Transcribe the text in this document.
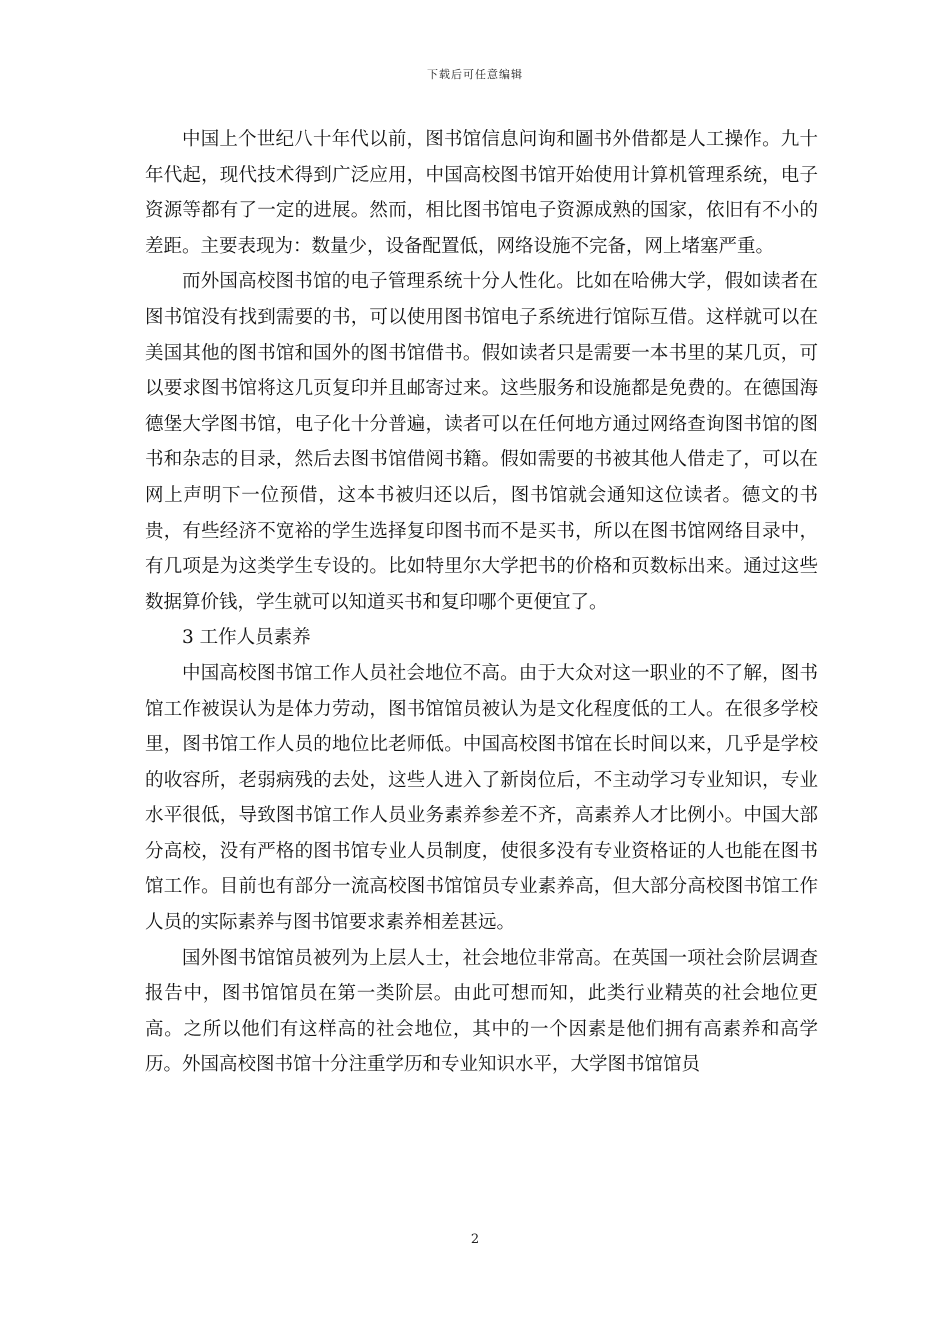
下载后可任意编辑

中国上个世纪八十年代以前，图书馆信息问询和圖书外借都是人工操作。九十年代起，现代技术得到广泛应用，中国高校图书馆开始使用计算机管理系统，电子资源等都有了一定的进展。然而，相比图书馆电子资源成熟的国家，依旧有不小的差距。主要表现为：数量少，设备配置低，网络设施不完备，网上堵塞严重。

而外国高校图书馆的电子管理系统十分人性化。比如在哈佛大学，假如读者在图书馆没有找到需要的书，可以使用图书馆电子系统进行馆际互借。这样就可以在美国其他的图书馆和国外的图书馆借书。假如读者只是需要一本书里的某几页，可以要求图书馆将这几页复印并且邮寄过来。这些服务和设施都是免费的。在德国海德堡大学图书馆，电子化十分普遍，读者可以在任何地方通过网络查询图书馆的图书和杂志的目录，然后去图书馆借阅书籍。假如需要的书被其他人借走了，可以在网上声明下一位预借，这本书被归还以后，图书馆就会通知这位读者。德文的书贵，有些经济不宽裕的学生选择复印图书而不是买书，所以在图书馆网络目录中，有几项是为这类学生专设的。比如特里尔大学把书的价格和页数标出来。通过这些数据算价钱，学生就可以知道买书和复印哪个更便宜了。

3 工作人员素养

中国高校图书馆工作人员社会地位不高。由于大众对这一职业的不了解，图书馆工作被误认为是体力劳动，图书馆馆员被认为是文化程度低的工人。在很多学校里，图书馆工作人员的地位比老师低。中国高校图书馆在长时间以来，几乎是学校的收容所，老弱病残的去处，这些人进入了新岗位后，不主动学习专业知识，专业水平很低，导致图书馆工作人员业务素养参差不齐，高素养人才比例小。中国大部分高校，没有严格的图书馆专业人员制度，使很多没有专业资格证的人也能在图书馆工作。目前也有部分一流高校图书馆馆员专业素养高，但大部分高校图书馆工作人员的实际素养与图书馆要求素养相差甚远。

国外图书馆馆员被列为上层人士，社会地位非常高。在英国一项社会阶层调查报告中，图书馆馆员在第一类阶层。由此可想而知，此类行业精英的社会地位更高。之所以他们有这样高的社会地位，其中的一个因素是他们拥有高素养和高学历。外国高校图书馆十分注重学历和专业知识水平，大学图书馆馆员

2
